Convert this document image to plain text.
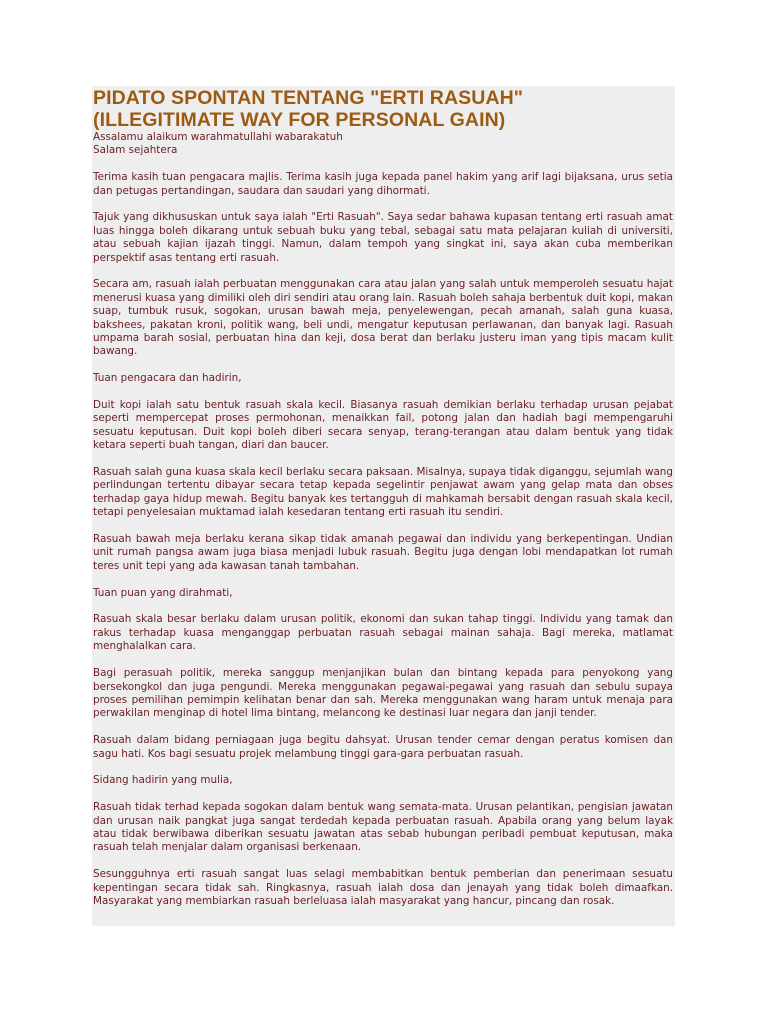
PIDATO SPONTAN TENTANG "ERTI RASUAH"
(ILLEGITIMATE WAY FOR PERSONAL GAIN)

Assalamu alaikum warahmatullahi wabarakatuh
Salam sejahtera

Terima kasih tuan pengacara majlis. Terima kasih juga kepada panel hakim yang arif lagi bijaksana, urus setia dan petugas pertandingan, saudara dan saudari yang dihormati.

Tajuk yang dikhususkan untuk saya ialah "Erti Rasuah". Saya sedar bahawa kupasan tentang erti rasuah amat luas hingga boleh dikarang untuk sebuah buku yang tebal, sebagai satu mata pelajaran kuliah di universiti, atau sebuah kajian ijazah tinggi. Namun, dalam tempoh yang singkat ini, saya akan cuba memberikan perspektif asas tentang erti rasuah.

Secara am, rasuah ialah perbuatan menggunakan cara atau jalan yang salah untuk memperoleh sesuatu hajat menerusi kuasa yang dimiliki oleh diri sendiri atau orang lain. Rasuah boleh sahaja berbentuk duit kopi, makan suap, tumbuk rusuk, sogokan, urusan bawah meja, penyelewengan, pecah amanah, salah guna kuasa, bakshees, pakatan kroni, politik wang, beli undi, mengatur keputusan perlawanan, dan banyak lagi. Rasuah umpama barah sosial, perbuatan hina dan keji, dosa berat dan berlaku justeru iman yang tipis macam kulit bawang.

Tuan pengacara dan hadirin,

Duit kopi ialah satu bentuk rasuah skala kecil. Biasanya rasuah demikian berlaku terhadap urusan pejabat seperti mempercepat proses permohonan, menaikkan fail, potong jalan dan hadiah bagi mempengaruhi sesuatu keputusan. Duit kopi boleh diberi secara senyap, terang-terangan atau dalam bentuk yang tidak ketara seperti buah tangan, diari dan baucer.

Rasuah salah guna kuasa skala kecil berlaku secara paksaan. Misalnya, supaya tidak diganggu, sejumlah wang perlindungan tertentu dibayar secara tetap kepada segelintir penjawat awam yang gelap mata dan obses terhadap gaya hidup mewah. Begitu banyak kes tertangguh di mahkamah bersabit dengan rasuah skala kecil, tetapi penyelesaian muktamad ialah kesedaran tentang erti rasuah itu sendiri.

Rasuah bawah meja berlaku kerana sikap tidak amanah pegawai dan individu yang berkepentingan. Undian unit rumah pangsa awam juga biasa menjadi lubuk rasuah. Begitu juga dengan lobi mendapatkan lot rumah teres unit tepi yang ada kawasan tanah tambahan.

Tuan puan yang dirahmati,

Rasuah skala besar berlaku dalam urusan politik, ekonomi dan sukan tahap tinggi. Individu yang tamak dan rakus terhadap kuasa menganggap perbuatan rasuah sebagai mainan sahaja. Bagi mereka, matlamat menghalalkan cara.

Bagi perasuah politik, mereka sanggup menjanjikan bulan dan bintang kepada para penyokong yang bersekongkol dan juga pengundi. Mereka menggunakan pegawai-pegawai yang rasuah dan sebulu supaya proses pemilihan pemimpin kelihatan benar dan sah. Mereka menggunakan wang haram untuk menaja para perwakilan menginap di hotel lima bintang, melancong ke destinasi luar negara dan janji tender.

Rasuah dalam bidang perniagaan juga begitu dahsyat. Urusan tender cemar dengan peratus komisen dan sagu hati. Kos bagi sesuatu projek melambung tinggi gara-gara perbuatan rasuah.

Sidang hadirin yang mulia,

Rasuah tidak terhad kepada sogokan dalam bentuk wang semata-mata. Urusan pelantikan, pengisian jawatan dan urusan naik pangkat juga sangat terdedah kepada perbuatan rasuah. Apabila orang yang belum layak atau tidak berwibawa diberikan sesuatu jawatan atas sebab hubungan peribadi pembuat keputusan, maka rasuah telah menjalar dalam organisasi berkenaan.

Sesungguhnya erti rasuah sangat luas selagi membabitkan bentuk pemberian dan penerimaan sesuatu kepentingan secara tidak sah. Ringkasnya, rasuah ialah dosa dan jenayah yang tidak boleh dimaafkan. Masyarakat yang membiarkan rasuah berleluasa ialah masyarakat yang hancur, pincang dan rosak.
